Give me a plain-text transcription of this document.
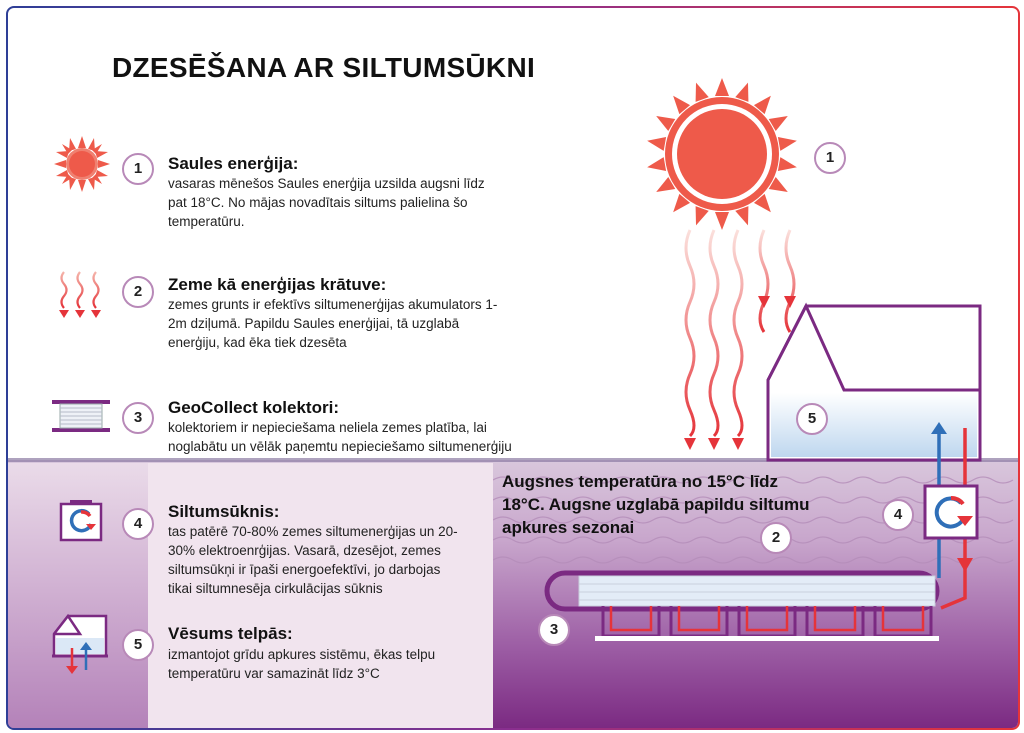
DZESĒŠANA AR SILTUMSŪKNI
1	Saules enerģija:
vasaras mēnešos Saules enerģija uzsilda augsni līdz pat 18°C. No mājas novadītais siltums palielina šo temperatūru.
2	Zeme kā enerģijas krātuve:
zemes grunts ir efektīvs siltumenerģijas akumulators 1-2m dziļumā. Papildu Saules enerģijai, tā uzglabā enerģiju, kad ēka tiek dzesēta
3
GeoCollect kolektori:
kolektoriem ir nepieciešama neliela zemes platība, lai noglabātu un vēlāk paņemtu nepieciešamo siltumenerģiju
4
Siltumsūknis:
tas patērē 70-80% zemes siltumenerģijas un 20-30% elektroenrģijas. Vasarā, dzesējot, zemes siltumsūkņi ir īpaši energoefektīvi, jo darbojas tikai siltumnesēja cirkulācijas sūknis
5
Vēsums telpās:
izmantojot grīdu apkures sistēmu, ēkas telpu temperatūru var samazināt līdz 3°C
1
5
Augsnes temperatūra no 15°C līdz 18°C. Augsne uzglabā papildu siltumu apkures sezonai
4
2
3
